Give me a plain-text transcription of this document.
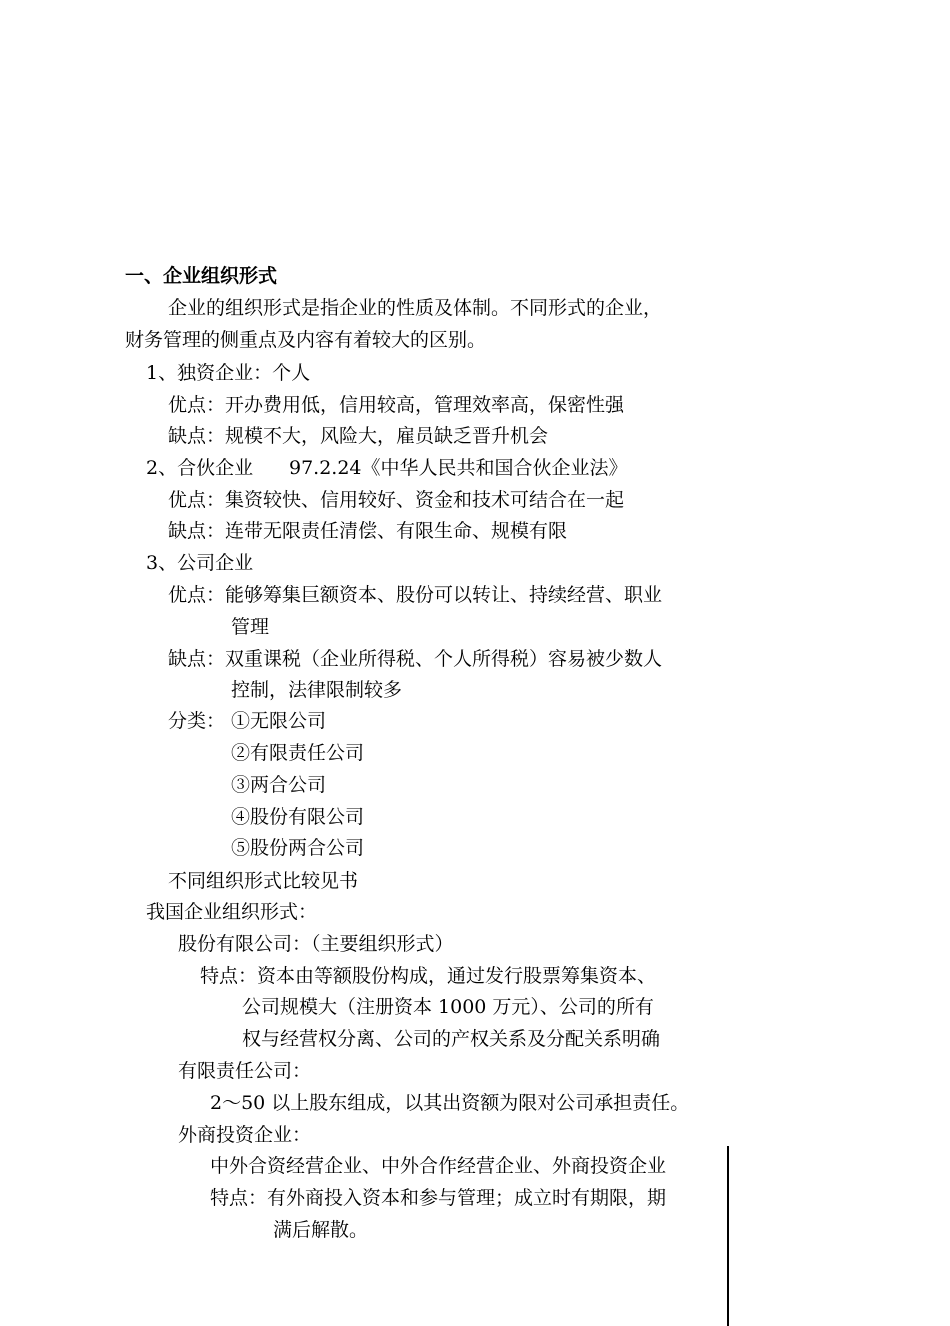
一、企业组织形式
企业的组织形式是指企业的性质及体制。不同形式的企业，
财务管理的侧重点及内容有着较大的区别。
1、独资企业：个人
优点：开办费用低，信用较高，管理效率高，保密性强
缺点：规模不大，风险大，雇员缺乏晋升机会
2、合伙企业 97.2.24《中华人民共和国合伙企业法》
优点：集资较快、信用较好、资金和技术可结合在一起
缺点：连带无限责任清偿、有限生命、规模有限
3、公司企业
优点：能够筹集巨额资本、股份可以转让、持续经营、职业
管理
缺点：双重课税（企业所得税、个人所得税）容易被少数人
控制，法律限制较多
分类： ①无限公司
②有限责任公司
③两合公司
④股份有限公司
⑤股份两合公司
不同组织形式比较见书
我国企业组织形式：
股份有限公司：（主要组织形式）
特点：资本由等额股份构成，通过发行股票筹集资本、
公司规模大（注册资本 1000 万元）、公司的所有
权与经营权分离、公司的产权关系及分配关系明确
有限责任公司：
2～50 以上股东组成，以其出资额为限对公司承担责任。
外商投资企业：
中外合资经营企业、中外合作经营企业、外商投资企业
特点：有外商投入资本和参与管理；成立时有期限，期
满后解散。
